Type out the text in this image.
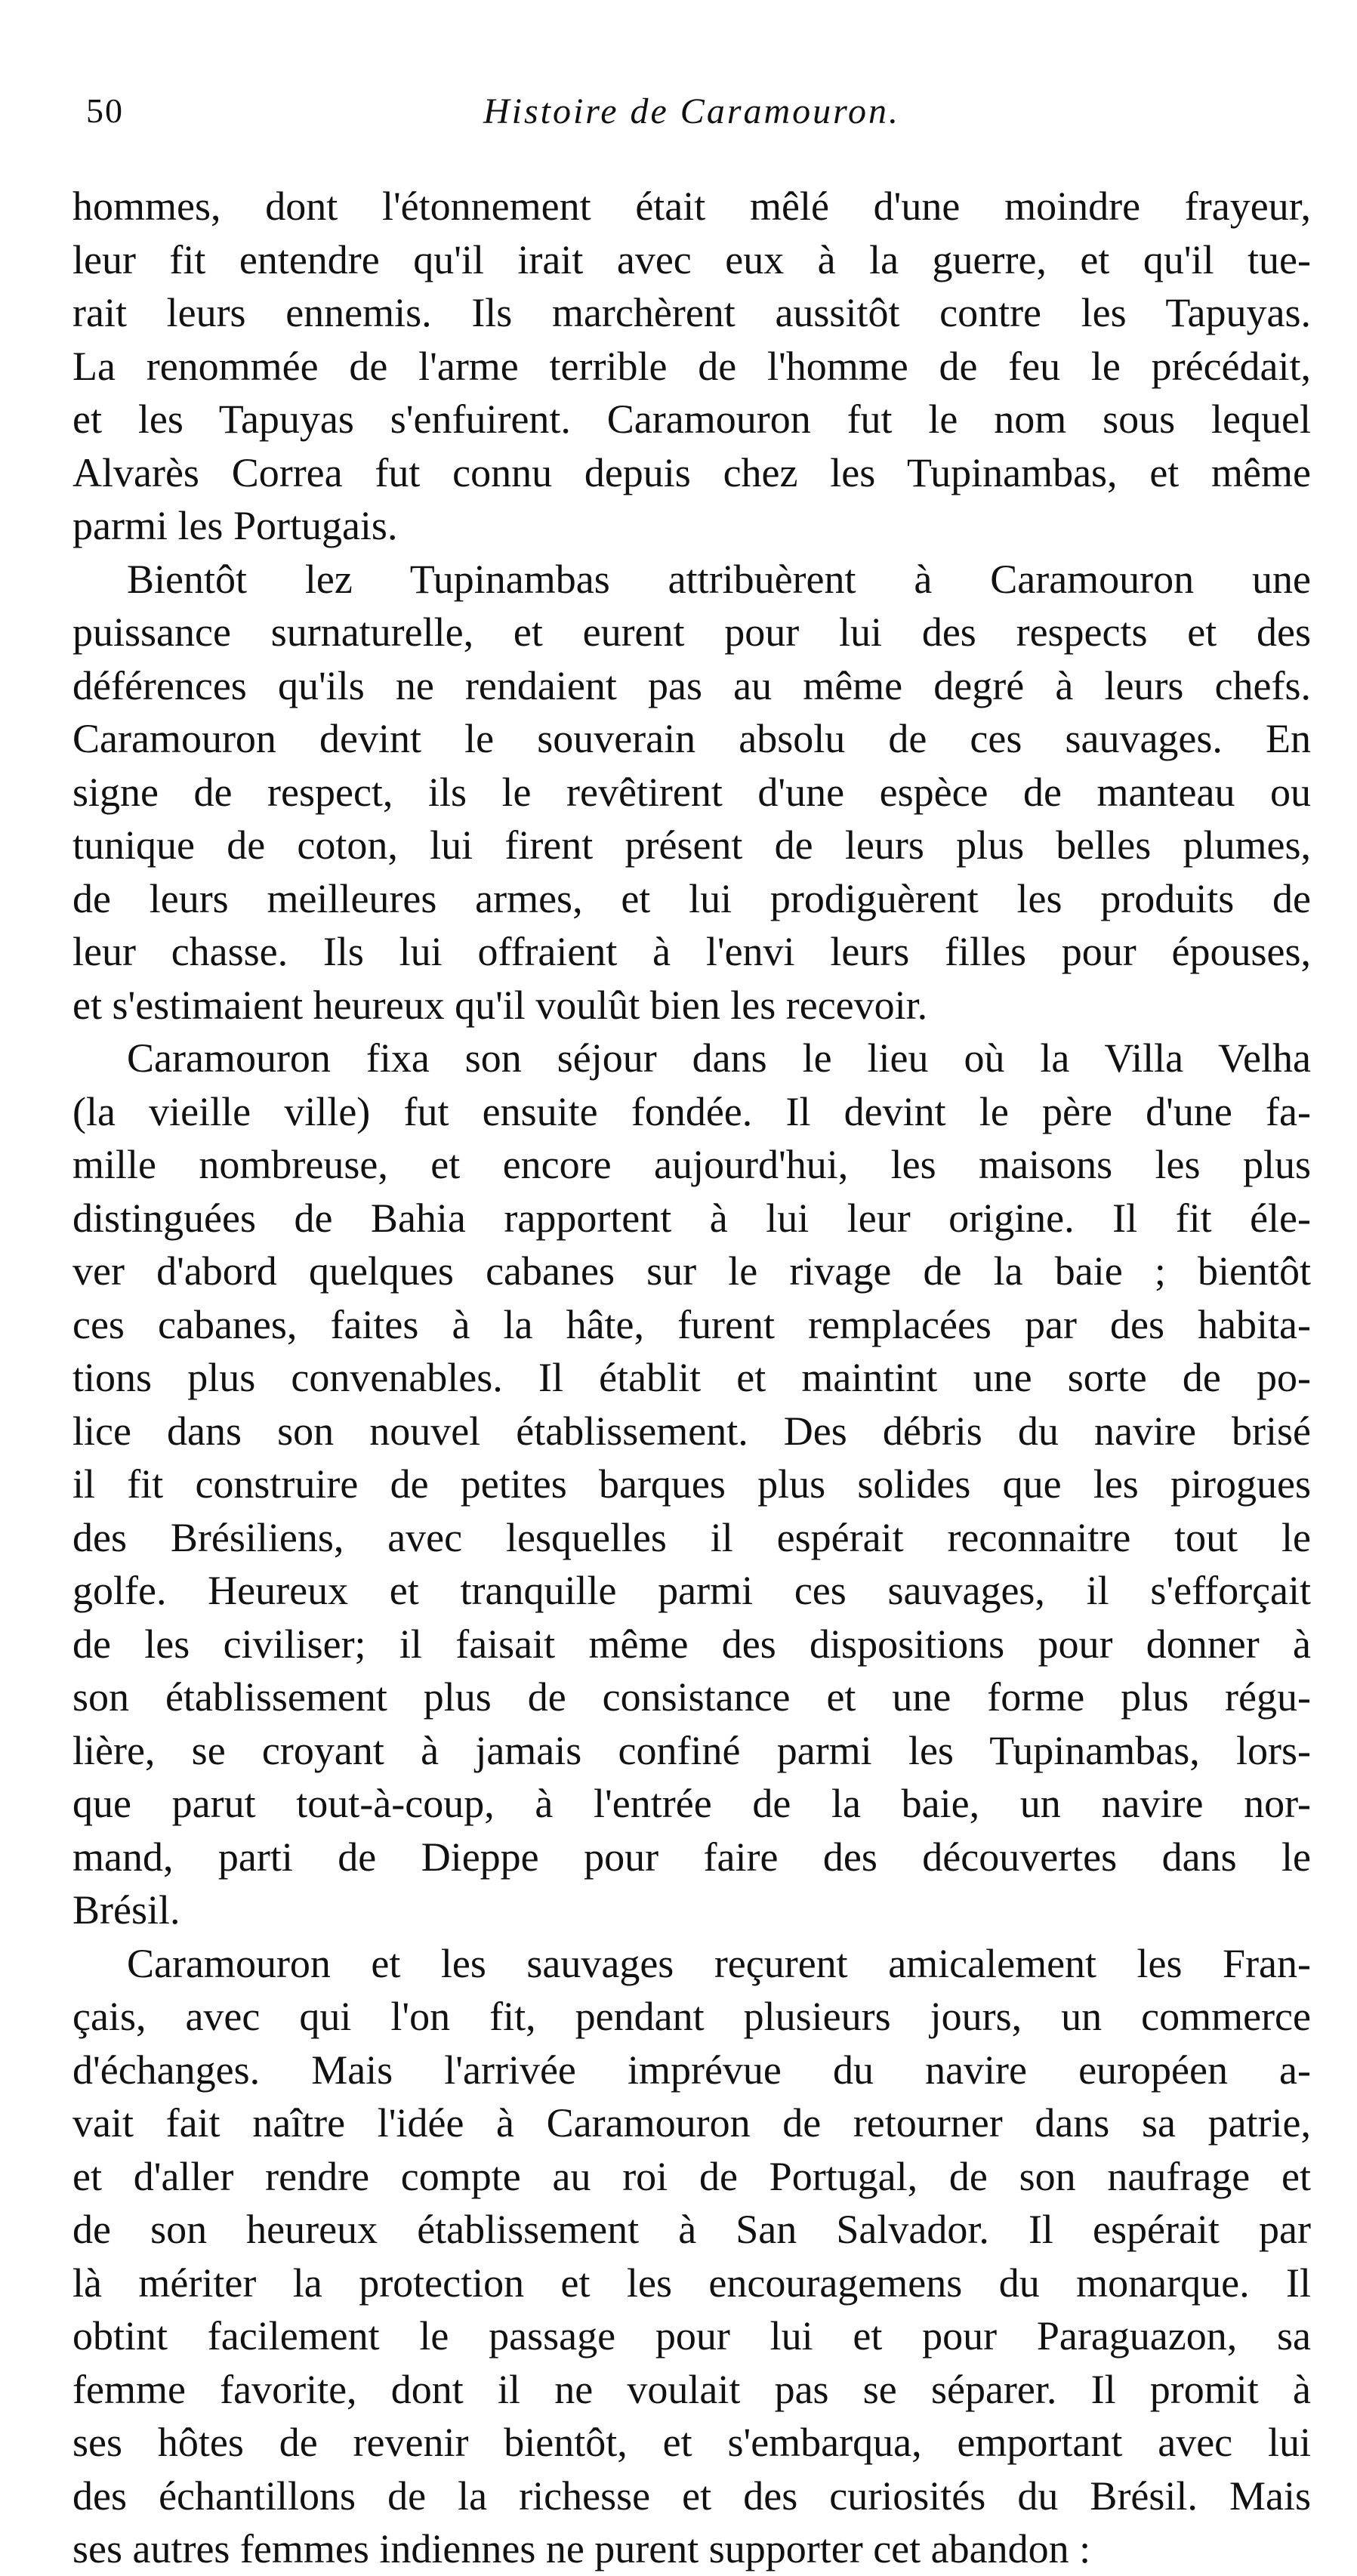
50	Histoire de Caramouron.
hommes, dont l'étonnement était mêlé d'une moindre frayeur,
leur fit entendre qu'il irait avec eux à la guerre, et qu'il tue-
rait leurs ennemis. Ils marchèrent aussitôt contre les Tapuyas.
La renommée de l'arme terrible de l'homme de feu le précédait,
et les Tapuyas s'enfuirent. Caramouron fut le nom sous lequel
Alvarès Correa fut connu depuis chez les Tupinambas, et même
parmi les Portugais.
Bientôt lez Tupinambas attribuèrent à Caramouron une
puissance surnaturelle, et eurent pour lui des respects et des
déférences qu'ils ne rendaient pas au même degré à leurs chefs.
Caramouron devint le souverain absolu de ces sauvages. En
signe de respect, ils le revêtirent d'une espèce de manteau ou
tunique de coton, lui firent présent de leurs plus belles plumes,
de leurs meilleures armes, et lui prodiguèrent les produits de
leur chasse. Ils lui offraient à l'envi leurs filles pour épouses,
et s'estimaient heureux qu'il voulût bien les recevoir.
Caramouron fixa son séjour dans le lieu où la Villa Velha
(la vieille ville) fut ensuite fondée. Il devint le père d'une fa-
mille nombreuse, et encore aujourd'hui, les maisons les plus
distinguées de Bahia rapportent à lui leur origine. Il fit éle-
ver d'abord quelques cabanes sur le rivage de la baie ; bientôt
ces cabanes, faites à la hâte, furent remplacées par des habita-
tions plus convenables. Il établit et maintint une sorte de po-
lice dans son nouvel établissement. Des débris du navire brisé
il fit construire de petites barques plus solides que les pirogues
des Brésiliens, avec lesquelles il espérait reconnaitre tout le
golfe. Heureux et tranquille parmi ces sauvages, il s'efforçait
de les civiliser; il faisait même des dispositions pour donner à
son établissement plus de consistance et une forme plus régu-
lière, se croyant à jamais confiné parmi les Tupinambas, lors-
que parut tout-à-coup, à l'entrée de la baie, un navire nor-
mand, parti de Dieppe pour faire des découvertes dans le
Brésil.
Caramouron et les sauvages reçurent amicalement les Fran-
çais, avec qui l'on fit, pendant plusieurs jours, un commerce
d'échanges. Mais l'arrivée imprévue du navire européen a-
vait fait naître l'idée à Caramouron de retourner dans sa patrie,
et d'aller rendre compte au roi de Portugal, de son naufrage et
de son heureux établissement à San Salvador. Il espérait par
là mériter la protection et les encouragemens du monarque. Il
obtint facilement le passage pour lui et pour Paraguazon, sa
femme favorite, dont il ne voulait pas se séparer. Il promit à
ses hôtes de revenir bientôt, et s'embarqua, emportant avec lui
des échantillons de la richesse et des curiosités du Brésil. Mais
ses autres femmes indiennes ne purent supporter cet abandon :
